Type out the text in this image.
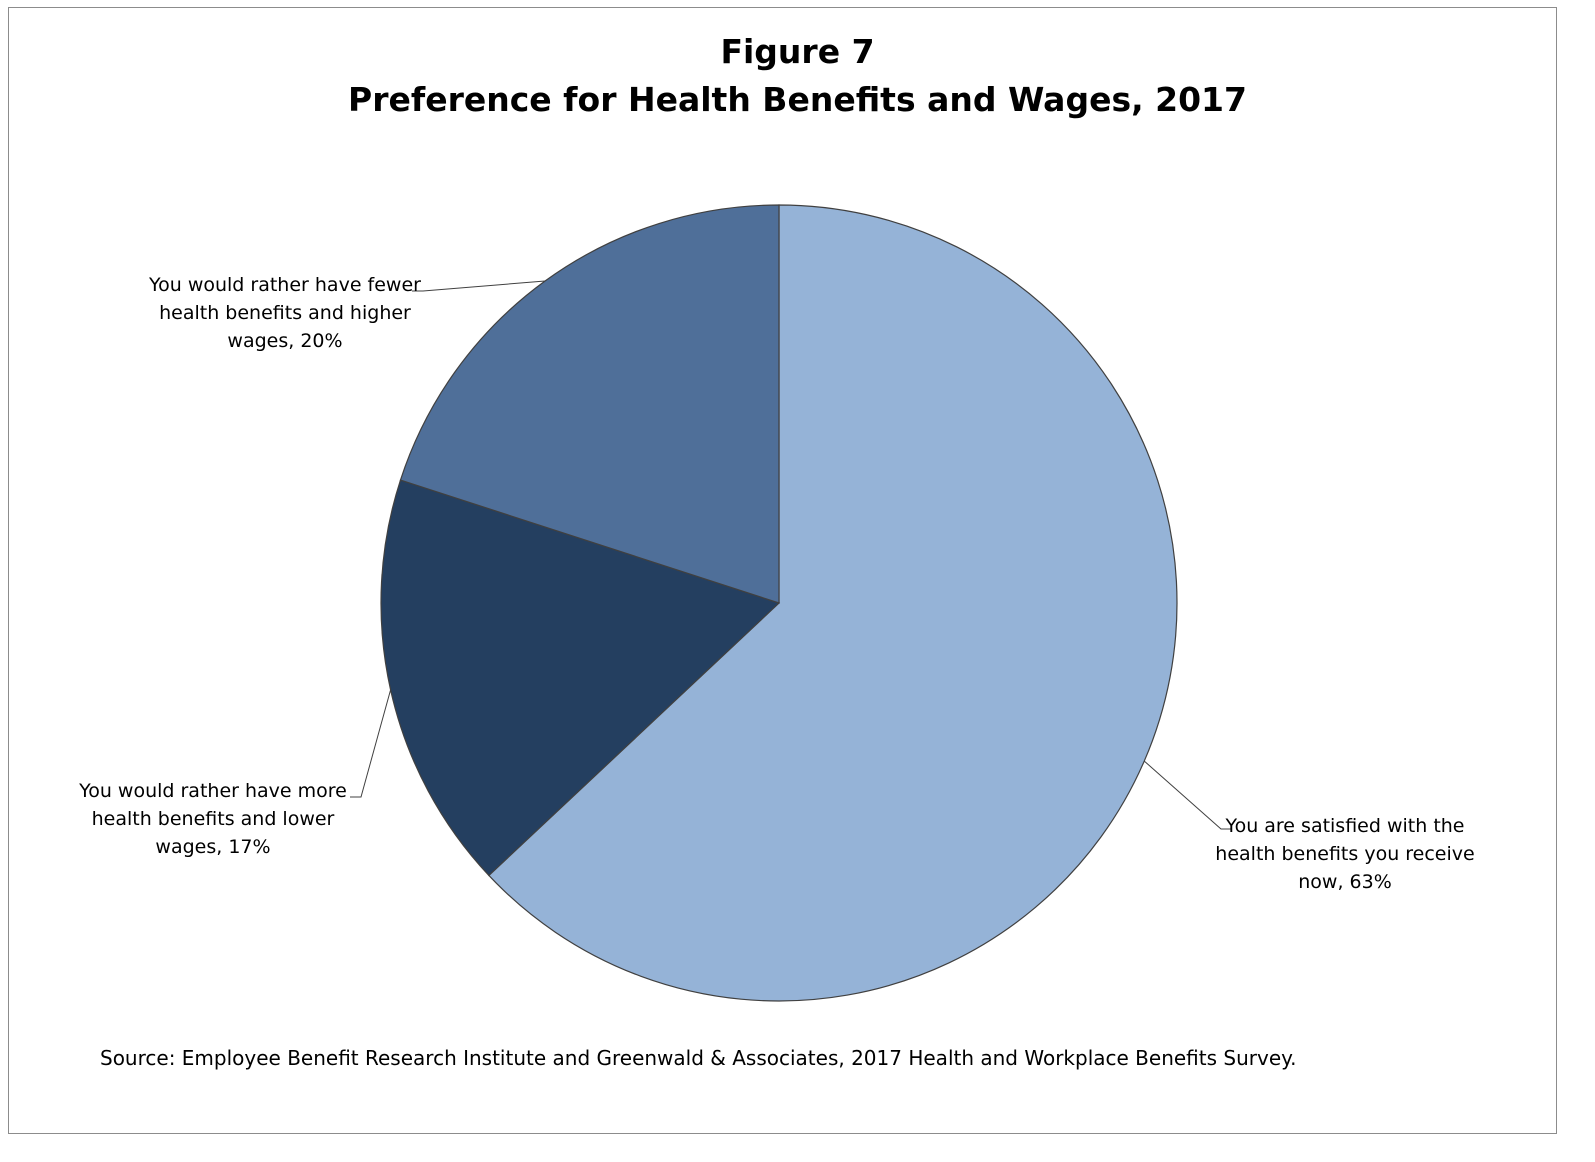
Figure 7
Preference for Health Benefits and Wages, 2017
You are satisfied with the
health benefits you receive
now, 63%
You would rather have more
health benefits and lower
wages, 17%
You would rather have fewer
health benefits and higher
wages, 20%
Source: Employee Benefit Research Institute and Greenwald & Associates, 2017 Health and Workplace Benefits Survey.
